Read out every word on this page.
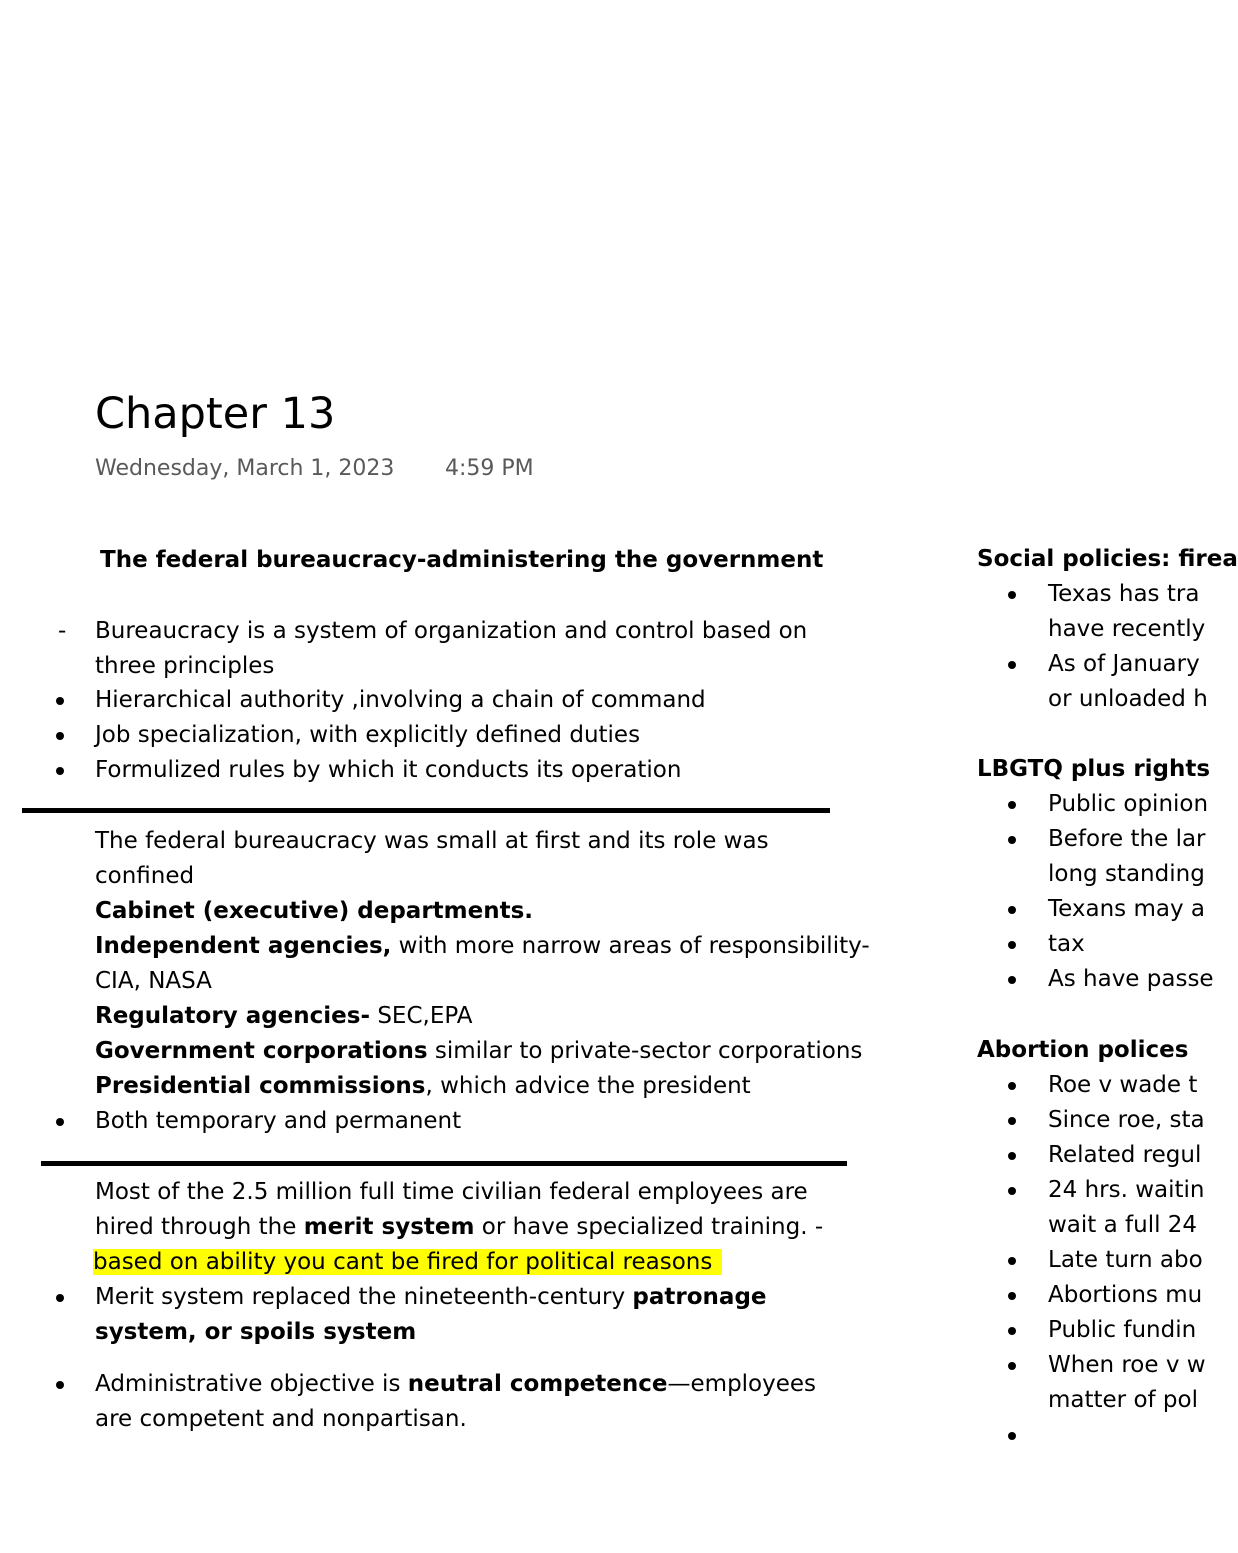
Chapter 13
Wednesday, March 1, 2023 4:59 PM
The federal bureaucracy-administering the government
- Bureaucracy is a system of organization and control based on
three principles
Hierarchical authority ,involving a chain of command
Job specialization, with explicitly defined duties
Formulized rules by which it conducts its operation
The federal bureaucracy was small at first and its role was
confined
Cabinet (executive) departments.
Independent agencies, with more narrow areas of responsibility-
CIA, NASA
Regulatory agencies- SEC,EPA
Government corporations similar to private-sector corporations
Presidential commissions, which advice the president
Both temporary and permanent
Most of the 2.5 million full time civilian federal employees are
hired through the merit system or have specialized training. -
based on ability you cant be fired for political reasons
Merit system replaced the nineteenth-century patronage
system, or spoils system
Administrative objective is neutral competence—employees
are competent and nonpartisan.
Social policies: firea
Texas has tra
have recently
As of January
or unloaded h
LBGTQ plus rights
Public opinion
Before the lar
long standing
Texans may a
tax
As have passe
Abortion polices
Roe v wade t
Since roe, sta
Related regul
24 hrs. waitin
wait a full 24
Late turn abo
Abortions mu
Public fundin
When roe v w
matter of pol
